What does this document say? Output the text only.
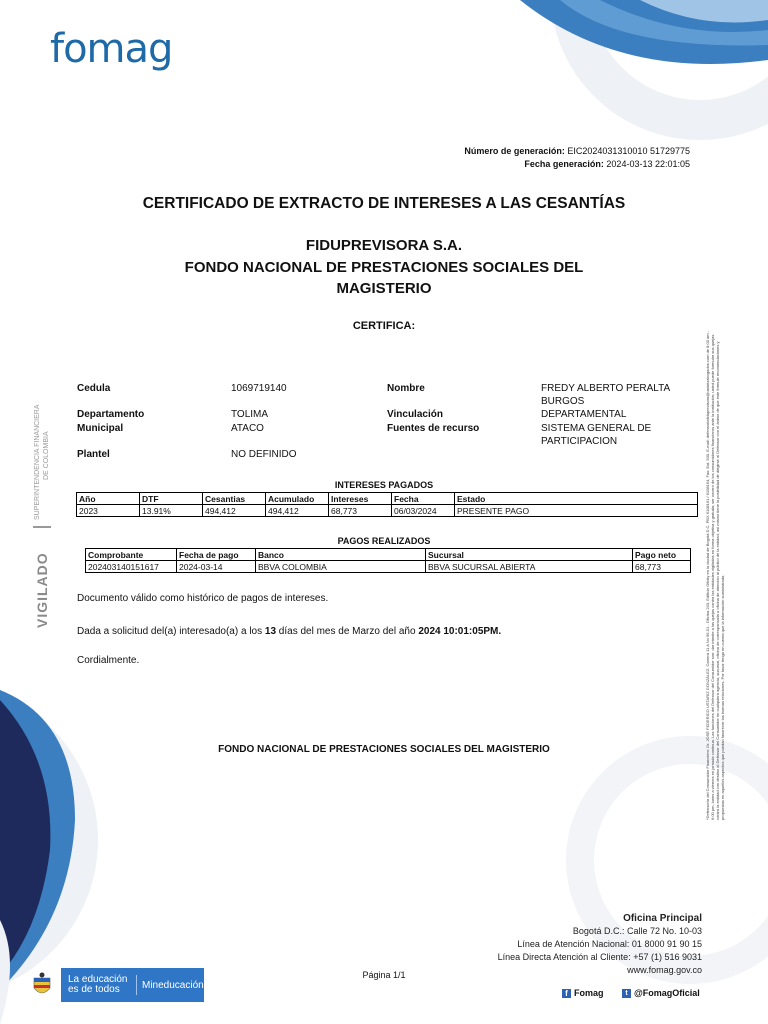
fomag
Número de generación: EIC2024031310010 51729775
Fecha generación: 2024-03-13 22:01:05
CERTIFICADO DE EXTRACTO DE INTERESES A LAS CESANTÍAS
FIDUPREVISORA S.A.
FONDO NACIONAL DE PRESTACIONES SOCIALES DEL
MAGISTERIO
CERTIFICA:
Cedula	1069719140	Nombre	FREDY ALBERTO PERALTA
BURGOS
Departamento	TOLIMA	Vinculación	DEPARTAMENTAL
Municipal	ATACO	Fuentes de recurso	SISTEMA GENERAL DE
PARTICIPACION
Plantel	NO DEFINIDO
INTERESES PAGADOS
Año	DTF	Cesantias	Acumulado	Intereses	Fecha	Estado
2023	13.91%	494,412	494,412	68,773	06/03/2024	PRESENTE PAGO
PAGOS REALIZADOS
Comprobante	Fecha de pago	Banco	Sucursal	Pago neto
202403140151617	2024-03-14	BBVA COLOMBIA	BBVA SUCURSAL ABIERTA	68,773
Documento válido como histórico de pagos de intereses.
Dada a solicitud del(a) interesado(a) a los 13 días del mes de Marzo del año 2024 10:01:05PM.
Cordialmente.
FONDO NACIONAL DE PRESTACIONES SOCIALES DEL MAGISTERIO
VIGILADO
SUPERINTENDENCIA FINANCIERA DE COLOMBIA	*Defensoría del Consumidor Financiero: Dr. JOSÉ FEDERICO USTARIZ GONZÁLEZ. Carrera 11 A No 96-51 - Oficina 203, Edificio Oficity en la ciudad de Bogotá D.C. PBX 6108161 / 6108164, Fax: Ext. 500. E-mail: defensoriafiduprevisora@ustarizabogados.com de 8:00 am - 6:00 pm, lunes a viernes en jornada continua. Las funciones del Defensor del Consumidor son: dar trámite a las quejas contra las entidades vigiladas en forma objetiva y gratuita; ser vocero de los consumidores financieros ante la institución; usted puede formular sus quejas contra la entidad con destino al Defensor del Consumidor en cualquiera agencia, sucursal, oficina de corresponsalía u oficina de atención al público de la entidad, así mismo tiene la posibilidad de dirigirse al Defensor con el ánimo de que éste formule recomendaciones y propuestas en aquellos aspectos que puedan favorecer las buenas relaciones. Por favor tenga en cuenta que la información suministrada.
Página 1/1
Oficina Principal
Bogotá D.C.: Calle 72 No. 10-03
Línea de Atención Nacional: 01 8000 91 90 15
Línea Directa Atención al Cliente: +57 (1) 516 9031
www.fomag.gov.co
f Fomag	t @FomagOficial
La educación
es de todos	Mineducación
